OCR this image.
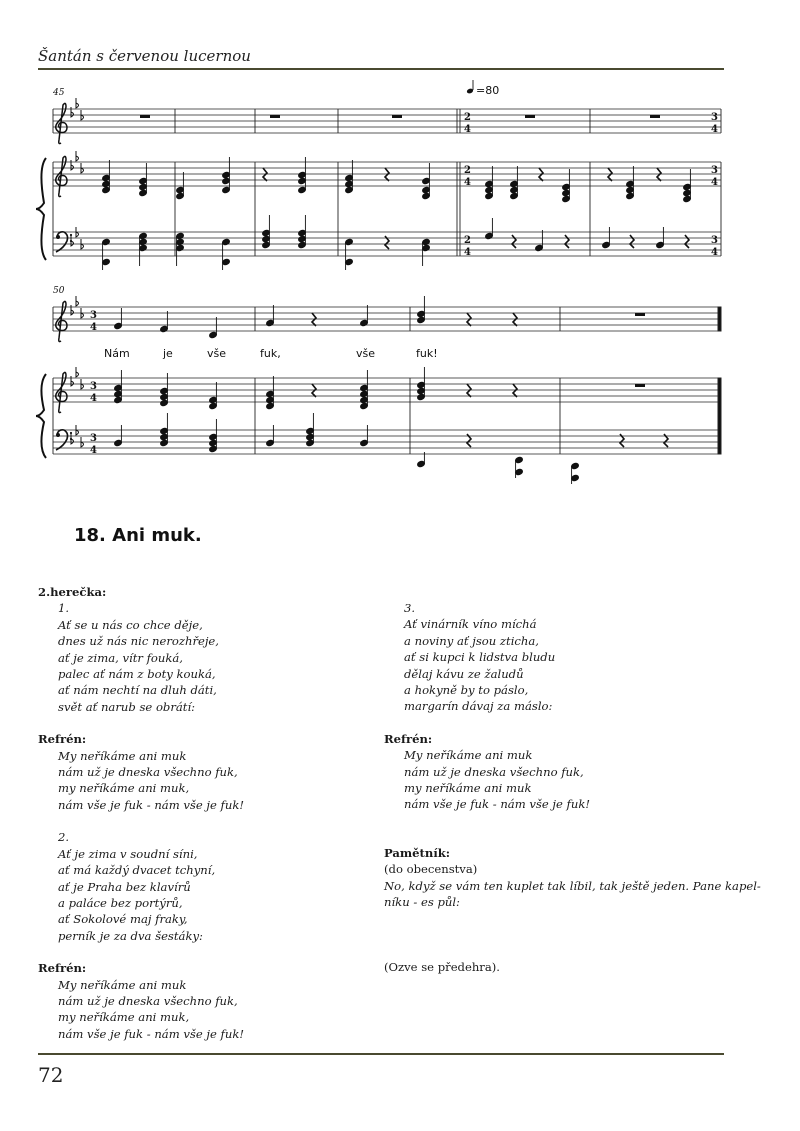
Šantán s červenou lucernou
45
50
=80
2
4
2
4
2
4
3
4
3
4
3
4
3
4
3
4
3
4
Nám	je	vše	fuk,	vše	fuk!
18. Ani muk.
2.herečka:
1.
Ať se u nás co chce děje,
dnes už nás nic nerozhřeje,
ať je zima, vítr fouká,
palec ať nám z boty kouká,
ať nám nechtí na dluh dáti,
svět ať narub se obrátí:
Refrén:
My neříkáme ani muk
nám už je dneska všechno fuk,
my neříkáme ani muk,
nám vše je fuk - nám vše je fuk!
2.
Ať je zima v soudní síni,
ať má každý dvacet tchyní,
ať je Praha bez klavírů
a paláce bez portýrů,
ať Sokolové maj fraky,
perník je za dva šestáky:
Refrén:
My neříkáme ani muk
nám už je dneska všechno fuk,
my neříkáme ani muk,
nám vše je fuk - nám vše je fuk!
3.
Ať vinárník víno míchá
a noviny ať jsou zticha,
ať si kupci k lidstva bludu
dělaj kávu ze žaludů
a hokyně by to páslo,
margarín dávaj za máslo:
Refrén:
My neříkáme ani muk
nám už je dneska všechno fuk,
my neříkáme ani muk
nám vše je fuk - nám vše je fuk!
Pamětník:
(do obecenstva)
No, když se vám ten kuplet tak líbil, tak ještě jeden. Pane kapel-
níku - es půl:
(Ozve se předehra).
72
